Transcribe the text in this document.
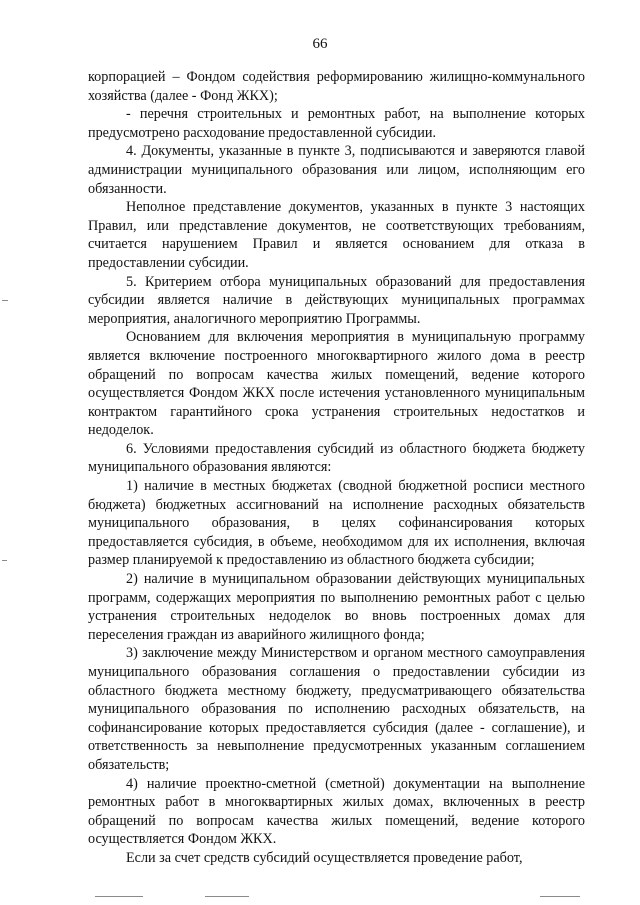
66

корпорацией – Фондом содействия реформированию жилищно-коммунального хозяйства (далее - Фонд ЖКХ);

- перечня строительных и ремонтных работ, на выполнение которых предусмотрено расходование предоставленной субсидии.

4. Документы, указанные в пункте 3, подписываются и заверяются главой администрации муниципального образования или лицом, исполняющим его обязанности.

Неполное представление документов, указанных в пункте 3 настоящих Правил, или представление документов, не соответствующих требованиям, считается нарушением Правил и является основанием для отказа в предоставлении субсидии.

5. Критерием отбора муниципальных образований для предоставления субсидии является наличие в действующих муниципальных программах мероприятия, аналогичного мероприятию Программы.

Основанием для включения мероприятия в муниципальную программу является включение построенного многоквартирного жилого дома в реестр обращений по вопросам качества жилых помещений, ведение которого осуществляется Фондом ЖКХ после истечения установленного муниципальным контрактом гарантийного срока устранения строительных недостатков и недоделок.

6. Условиями предоставления субсидий из областного бюджета бюджету муниципального образования являются:

1) наличие в местных бюджетах (сводной бюджетной росписи местного бюджета) бюджетных ассигнований на исполнение расходных обязательств муниципального образования, в целях софинансирования которых предоставляется субсидия, в объеме, необходимом для их исполнения, включая размер планируемой к предоставлению из областного бюджета субсидии;

2) наличие в муниципальном образовании действующих муниципальных программ, содержащих мероприятия по выполнению ремонтных работ с целью устранения строительных недоделок во вновь построенных домах для переселения граждан из аварийного жилищного фонда;

3) заключение между Министерством и органом местного самоуправления муниципального образования соглашения о предоставлении субсидии из областного бюджета местному бюджету, предусматривающего обязательства муниципального образования по исполнению расходных обязательств, на софинансирование которых предоставляется субсидия (далее - соглашение), и ответственность за невыполнение предусмотренных указанным соглашением обязательств;

4) наличие проектно-сметной (сметной) документации на выполнение ремонтных работ в многоквартирных жилых домах, включенных в реестр обращений по вопросам качества жилых помещений, ведение которого осуществляется Фондом ЖКХ.

Если за счет средств субсидий осуществляется проведение работ,
